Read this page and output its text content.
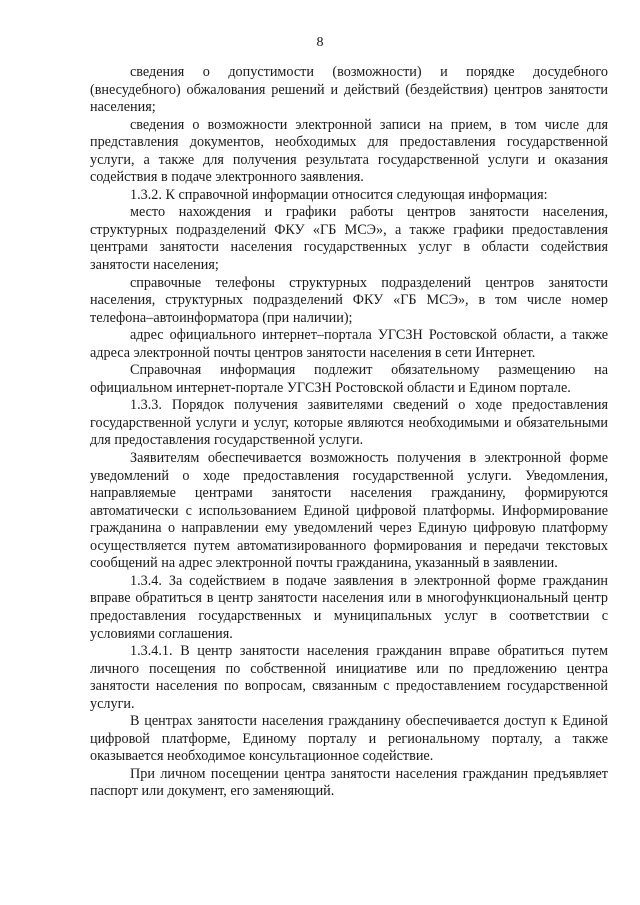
8

сведения о допустимости (возможности) и порядке досудебного (внесудебного) обжалования решений и действий (бездействия) центров занятости населения;

сведения о возможности электронной записи на прием, в том числе для представления документов, необходимых для предоставления государственной услуги, а также для получения результата государственной услуги и оказания содействия в подаче электронного заявления.

1.3.2. К справочной информации относится следующая информация:

место нахождения и графики работы центров занятости населения, структурных подразделений ФКУ «ГБ МСЭ», а также графики предоставления центрами занятости населения государственных услуг в области содействия занятости населения;

справочные телефоны структурных подразделений центров занятости населения, структурных подразделений ФКУ «ГБ МСЭ», в том числе номер телефона–автоинформатора (при наличии);

адрес официального интернет–портала УГСЗН Ростовской области, а также адреса электронной почты центров занятости населения в сети Интернет.

Справочная информация подлежит обязательному размещению на официальном интернет-портале УГСЗН Ростовской области и Едином портале.

1.3.3. Порядок получения заявителями сведений о ходе предоставления государственной услуги и услуг, которые являются необходимыми и обязательными для предоставления государственной услуги.

Заявителям обеспечивается возможность получения в электронной форме уведомлений о ходе предоставления государственной услуги. Уведомления, направляемые центрами занятости населения гражданину, формируются автоматически с использованием Единой цифровой платформы. Информирование гражданина о направлении ему уведомлений через Единую цифровую платформу осуществляется путем автоматизированного формирования и передачи текстовых сообщений на адрес электронной почты гражданина, указанный в заявлении.

1.3.4. За содействием в подаче заявления в электронной форме гражданин вправе обратиться в центр занятости населения или в многофункциональный центр предоставления государственных и муниципальных услуг в соответствии с условиями соглашения.

1.3.4.1. В центр занятости населения гражданин вправе обратиться путем личного посещения по собственной инициативе или по предложению центра занятости населения по вопросам, связанным с предоставлением государственной услуги.

В центрах занятости населения гражданину обеспечивается доступ к Единой цифровой платформе, Единому порталу и региональному порталу, а также оказывается необходимое консультационное содействие.

При личном посещении центра занятости населения гражданин предъявляет паспорт или документ, его заменяющий.
